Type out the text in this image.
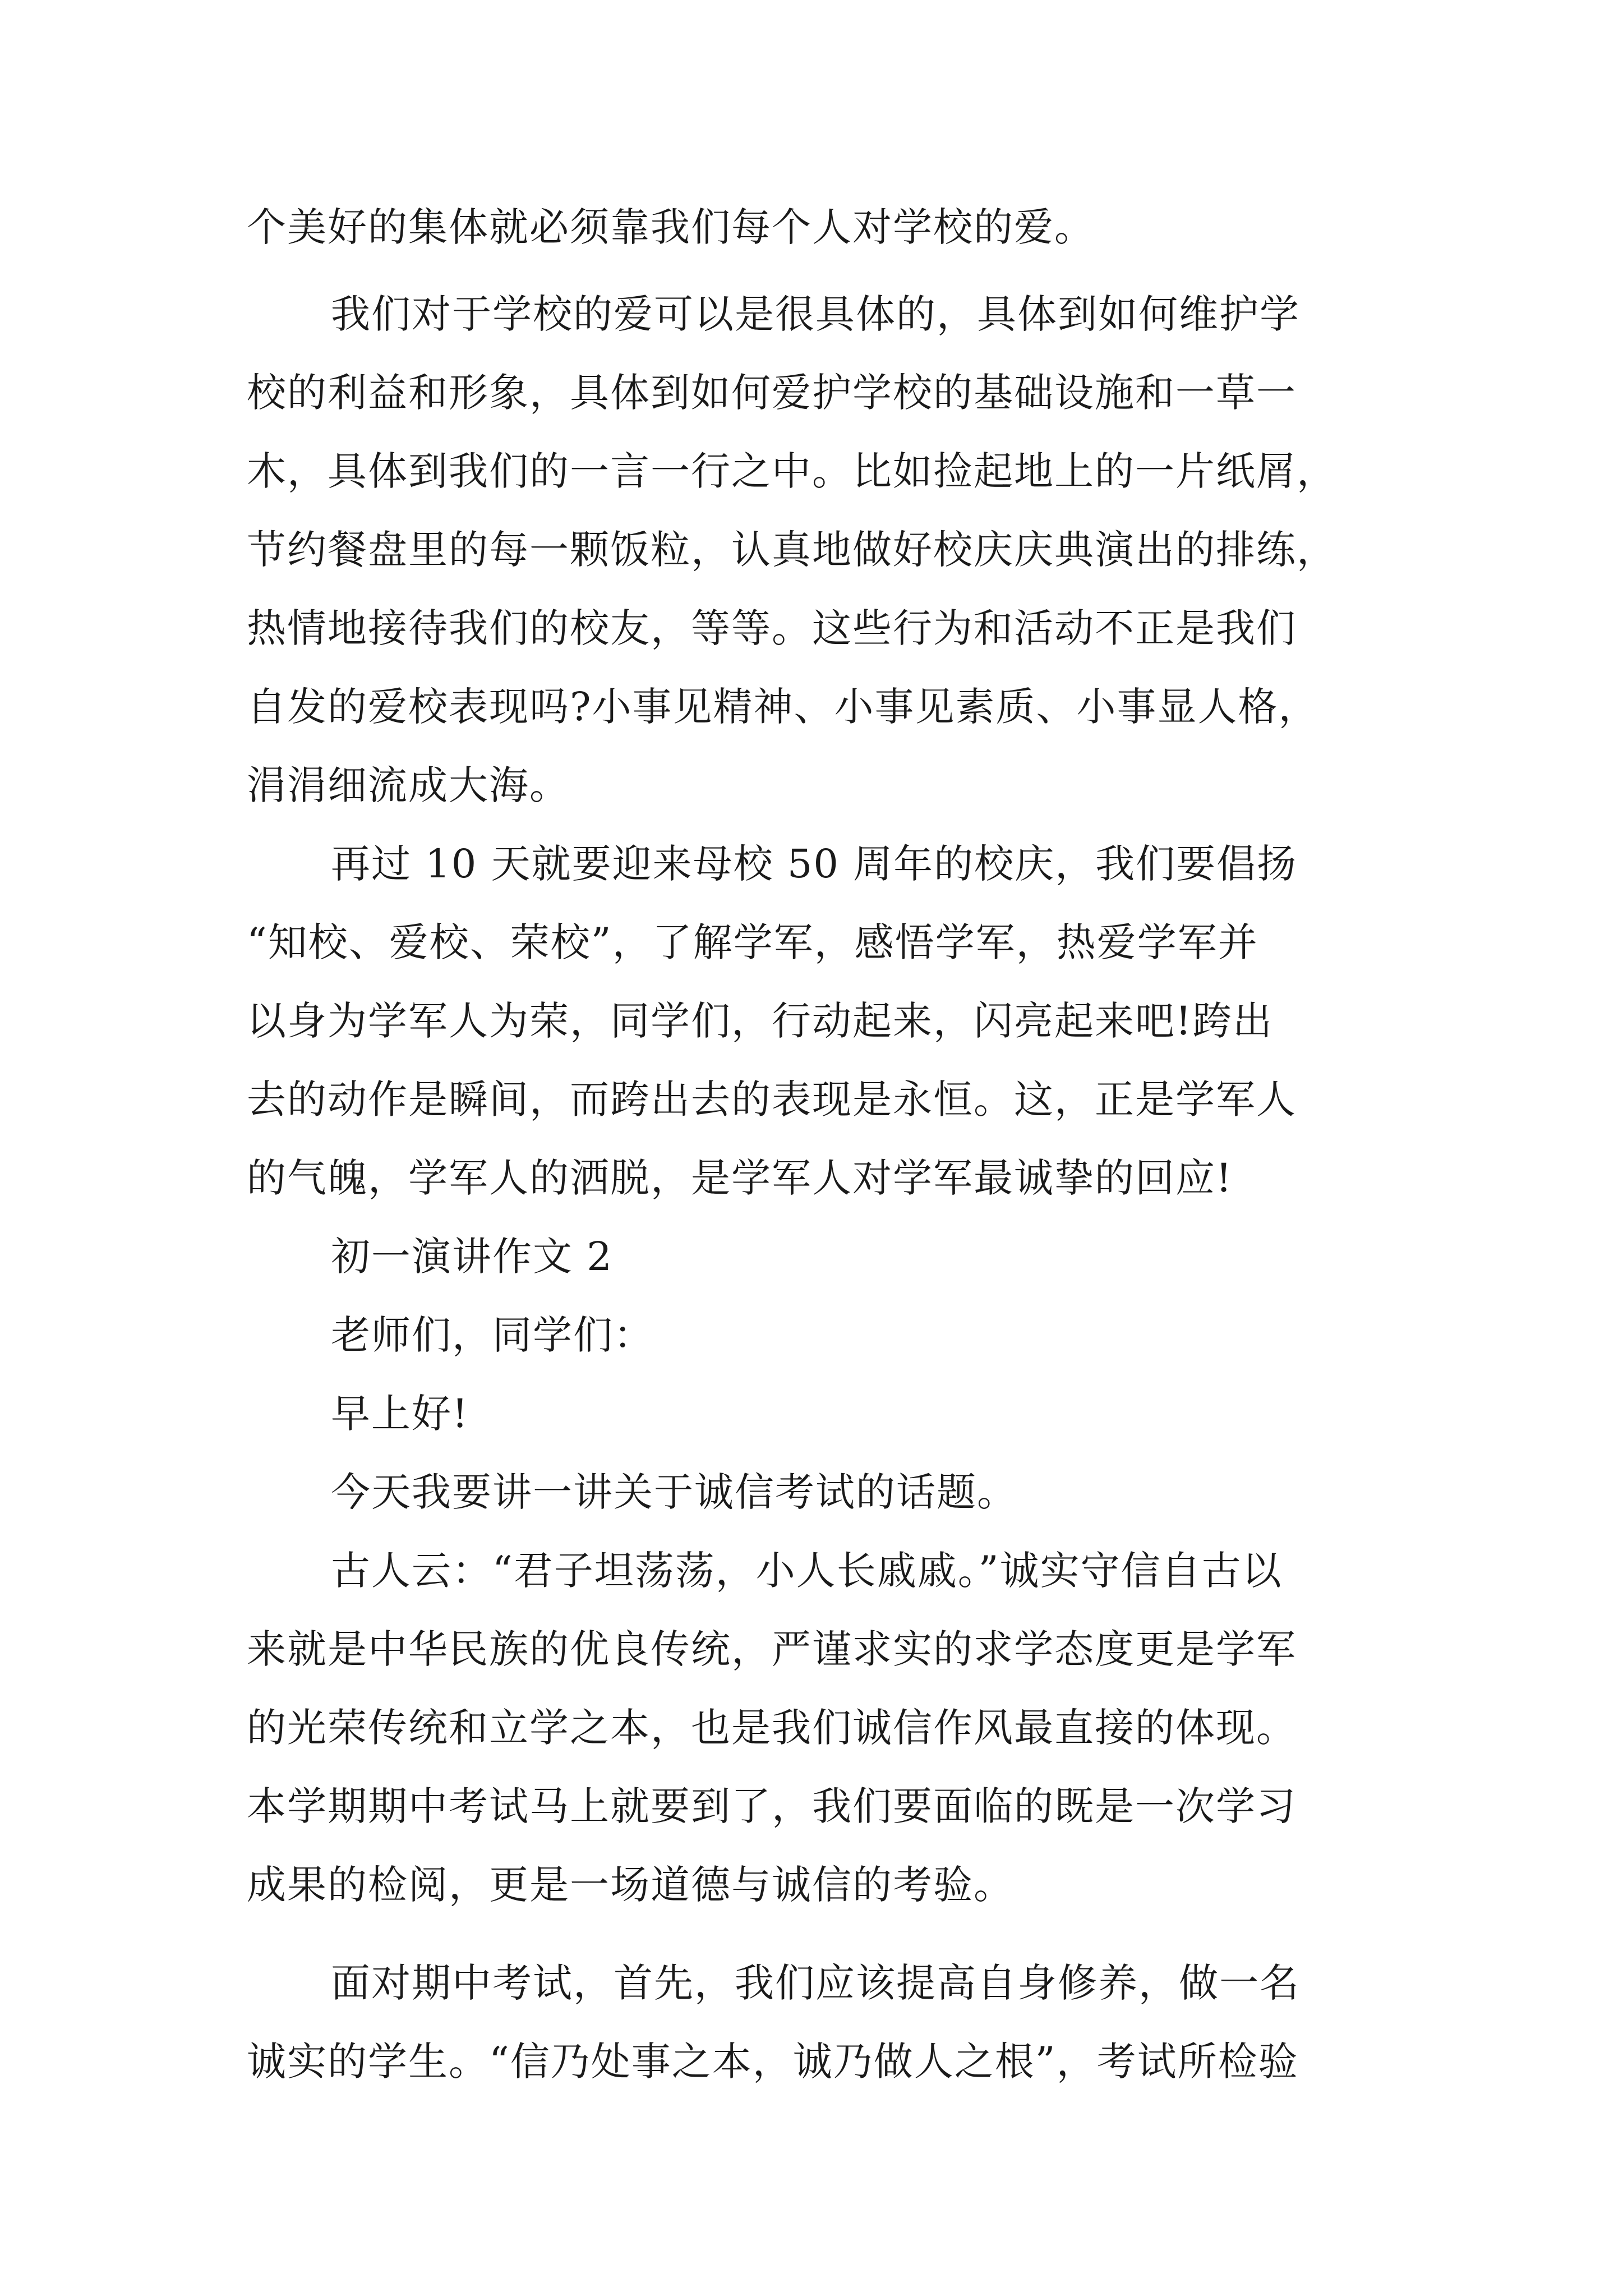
个美好的集体就必须靠我们每个人对学校的爱。
我们对于学校的爱可以是很具体的，具体到如何维护学
校的利益和形象，具体到如何爱护学校的基础设施和一草一
木，具体到我们的一言一行之中。比如捡起地上的一片纸屑，
节约餐盘里的每一颗饭粒，认真地做好校庆庆典演出的排练，
热情地接待我们的校友，等等。这些行为和活动不正是我们
自发的爱校表现吗?小事见精神、小事见素质、小事显人格，
涓涓细流成大海。
再过 10 天就要迎来母校 50 周年的校庆，我们要倡扬
“知校、爱校、荣校”，了解学军，感悟学军，热爱学军并
以身为学军人为荣，同学们，行动起来，闪亮起来吧!跨出
去的动作是瞬间，而跨出去的表现是永恒。这，正是学军人
的气魄，学军人的洒脱，是学军人对学军最诚挚的回应!
初一演讲作文 2
老师们，同学们：
早上好!
今天我要讲一讲关于诚信考试的话题。
古人云：“君子坦荡荡，小人长戚戚。”诚实守信自古以
来就是中华民族的优良传统，严谨求实的求学态度更是学军
的光荣传统和立学之本，也是我们诚信作风最直接的体现。
本学期期中考试马上就要到了，我们要面临的既是一次学习
成果的检阅，更是一场道德与诚信的考验。
面对期中考试，首先，我们应该提高自身修养，做一名
诚实的学生。“信乃处事之本，诚乃做人之根”，考试所检验
